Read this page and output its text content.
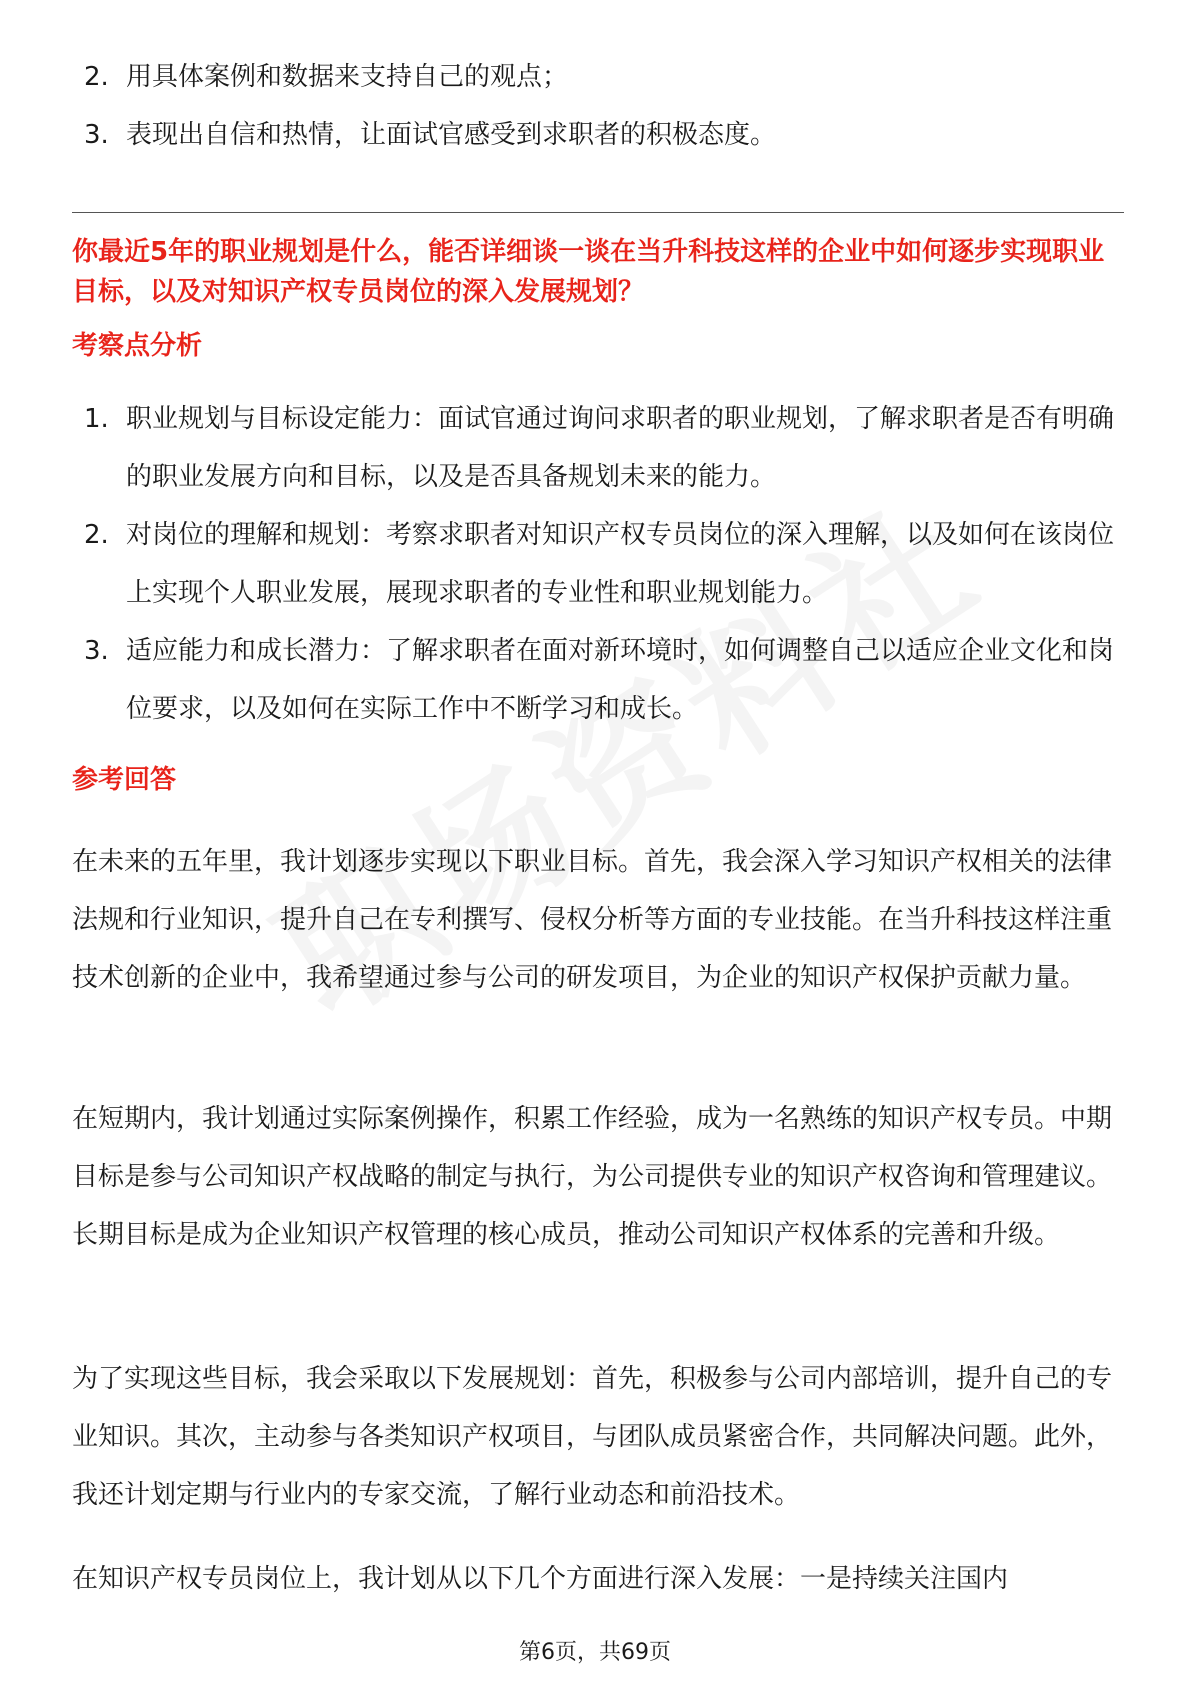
2. 用具体案例和数据来支持自己的观点；
3. 表现出自信和热情，让面试官感受到求职者的积极态度。
你最近5年的职业规划是什么，能否详细谈一谈在当升科技这样的企业中如何逐步实现职业目标，以及对知识产权专员岗位的深入发展规划？
考察点分析
1. 职业规划与目标设定能力：面试官通过询问求职者的职业规划，了解求职者是否有明确的职业发展方向和目标，以及是否具备规划未来的能力。
2. 对岗位的理解和规划：考察求职者对知识产权专员岗位的深入理解，以及如何在该岗位上实现个人职业发展，展现求职者的专业性和职业规划能力。
3. 适应能力和成长潜力：了解求职者在面对新环境时，如何调整自己以适应企业文化和岗位要求，以及如何在实际工作中不断学习和成长。
参考回答
在未来的五年里，我计划逐步实现以下职业目标。首先，我会深入学习知识产权相关的法律法规和行业知识，提升自己在专利撰写、侵权分析等方面的专业技能。在当升科技这样注重技术创新的企业中，我希望通过参与公司的研发项目，为企业的知识产权保护贡献力量。
在短期内，我计划通过实际案例操作，积累工作经验，成为一名熟练的知识产权专员。中期目标是参与公司知识产权战略的制定与执行，为公司提供专业的知识产权咨询和管理建议。长期目标是成为企业知识产权管理的核心成员，推动公司知识产权体系的完善和升级。
为了实现这些目标，我会采取以下发展规划：首先，积极参与公司内部培训，提升自己的专业知识。其次，主动参与各类知识产权项目，与团队成员紧密合作，共同解决问题。此外，我还计划定期与行业内的专家交流，了解行业动态和前沿技术。
在知识产权专员岗位上，我计划从以下几个方面进行深入发展：一是持续关注国内
第6页，共69页
